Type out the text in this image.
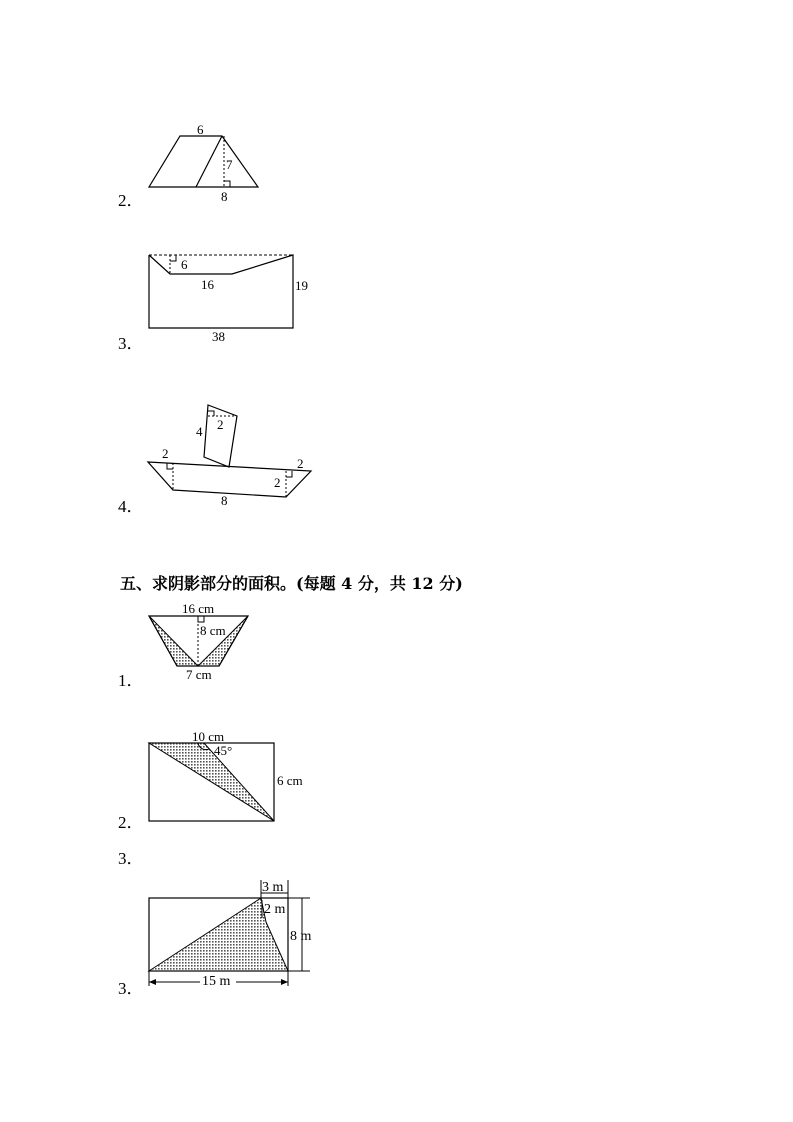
2．
6
7
8
3．
6
16	19
38
4．
4 2
2
2
2
8
五、求阴影部分的面积。(每题 4 分，共 12 分)
1．
16 cm
8 cm
7 cm
2．
10 cm
45°
6 cm
3．
3．
3 m
2 m
8 m
15 m
